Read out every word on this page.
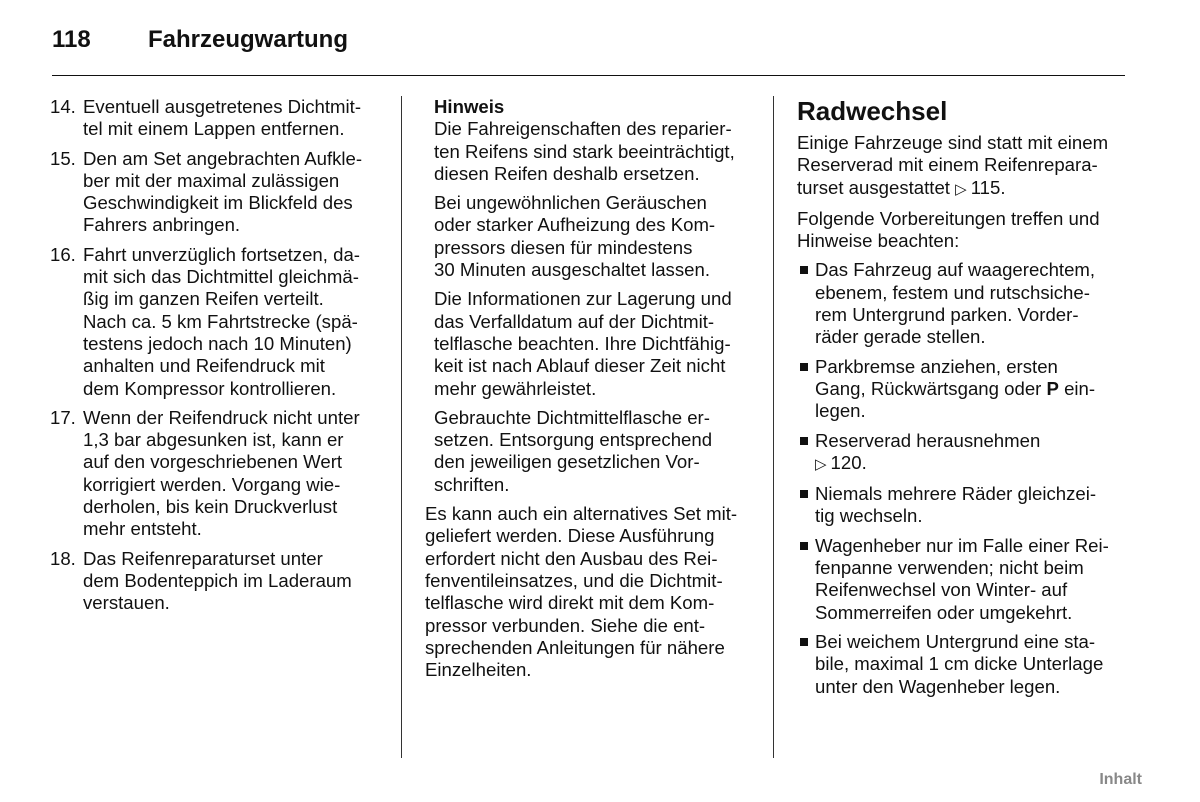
118 Fahrzeugwartung
14. Eventuell ausgetretenes Dichtmit-
tel mit einem Lappen entfernen.
15. Den am Set angebrachten Aufkle-
ber mit der maximal zulässigen
Geschwindigkeit im Blickfeld des
Fahrers anbringen.
16. Fahrt unverzüglich fortsetzen, da-
mit sich das Dichtmittel gleichmä-
ßig im ganzen Reifen verteilt.
Nach ca. 5 km Fahrtstrecke (spä-
testens jedoch nach 10 Minuten)
anhalten und Reifendruck mit
dem Kompressor kontrollieren.
17. Wenn der Reifendruck nicht unter
1,3 bar abgesunken ist, kann er
auf den vorgeschriebenen Wert
korrigiert werden. Vorgang wie-
derholen, bis kein Druckverlust
mehr entsteht.
18. Das Reifenreparaturset unter
dem Bodenteppich im Laderaum
verstauen.
Hinweis
Die Fahreigenschaften des reparier-
ten Reifens sind stark beeinträchtigt,
diesen Reifen deshalb ersetzen.
Bei ungewöhnlichen Geräuschen
oder starker Aufheizung des Kom-
pressors diesen für mindestens
30 Minuten ausgeschaltet lassen.
Die Informationen zur Lagerung und
das Verfalldatum auf der Dichtmit-
telflasche beachten. Ihre Dichtfähig-
keit ist nach Ablauf dieser Zeit nicht
mehr gewährleistet.
Gebrauchte Dichtmittelflasche er-
setzen. Entsorgung entsprechend
den jeweiligen gesetzlichen Vor-
schriften.
Es kann auch ein alternatives Set mit-
geliefert werden. Diese Ausführung
erfordert nicht den Ausbau des Rei-
fenventileinsatzes, und die Dichtmit-
telflasche wird direkt mit dem Kom-
pressor verbunden. Siehe die ent-
sprechenden Anleitungen für nähere
Einzelheiten.
Radwechsel
Einige Fahrzeuge sind statt mit einem
Reserverad mit einem Reifenrepara-
turset ausgestattet ▷ 115.
Folgende Vorbereitungen treffen und
Hinweise beachten:
Das Fahrzeug auf waagerechtem,
ebenem, festem und rutschsiche-
rem Untergrund parken. Vorder-
räder gerade stellen.
Parkbremse anziehen, ersten
Gang, Rückwärtsgang oder P ein-
legen.
Reserverad herausnehmen
▷ 120.
Niemals mehrere Räder gleichzei-
tig wechseln.
Wagenheber nur im Falle einer Rei-
fenpanne verwenden; nicht beim
Reifenwechsel von Winter- auf
Sommerreifen oder umgekehrt.
Bei weichem Untergrund eine sta-
bile, maximal 1 cm dicke Unterlage
unter den Wagenheber legen.
Inhalt
